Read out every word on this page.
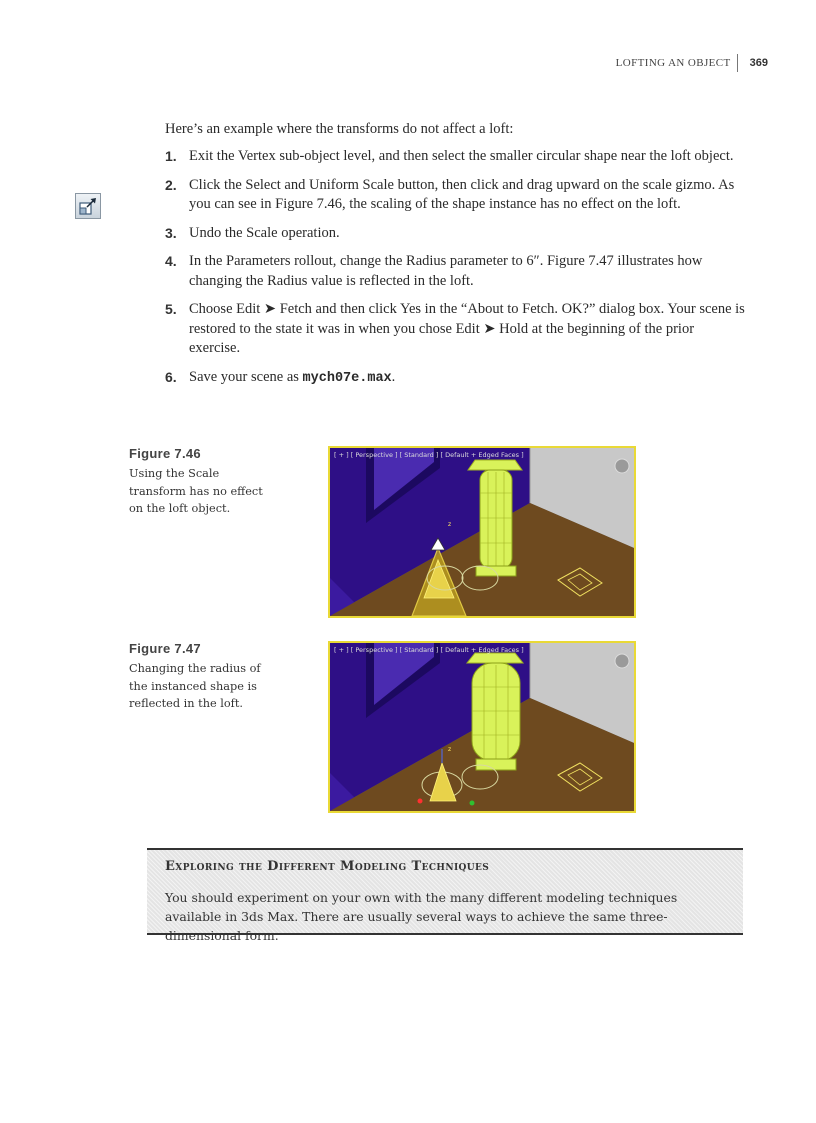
LOFTING AN OBJECT	369

Here’s an example where the transforms do not affect a loft:

1. Exit the Vertex sub-object level, and then select the smaller circular shape near the loft object.
2. Click the Select and Uniform Scale button, then click and drag upward on the scale gizmo. As you can see in Figure 7.46, the scaling of the shape instance has no effect on the loft.
3. Undo the Scale operation.
4. In the Parameters rollout, change the Radius parameter to 6″. Figure 7.47 illustrates how changing the Radius value is reflected in the loft.
5. Choose Edit ➤ Fetch and then click Yes in the “About to Fetch. OK?” dialog box. Your scene is restored to the state it was in when you chose Edit ➤ Hold at the beginning of the prior exercise.
6. Save your scene as mych07e.max.
Figure 7.46
Using the Scale transform has no effect on the loft object.
z
[ + ] [ Perspective ] [ Standard ] [ Default + Edged Faces ]
Figure 7.47
Changing the radius of the instanced shape is reflected in the loft.
z
[ + ] [ Perspective ] [ Standard ] [ Default + Edged Faces ]
Exploring the Different Modeling Techniques
You should experiment on your own with the many different modeling techniques available in 3ds Max. There are usually several ways to achieve the same three-dimensional form.
